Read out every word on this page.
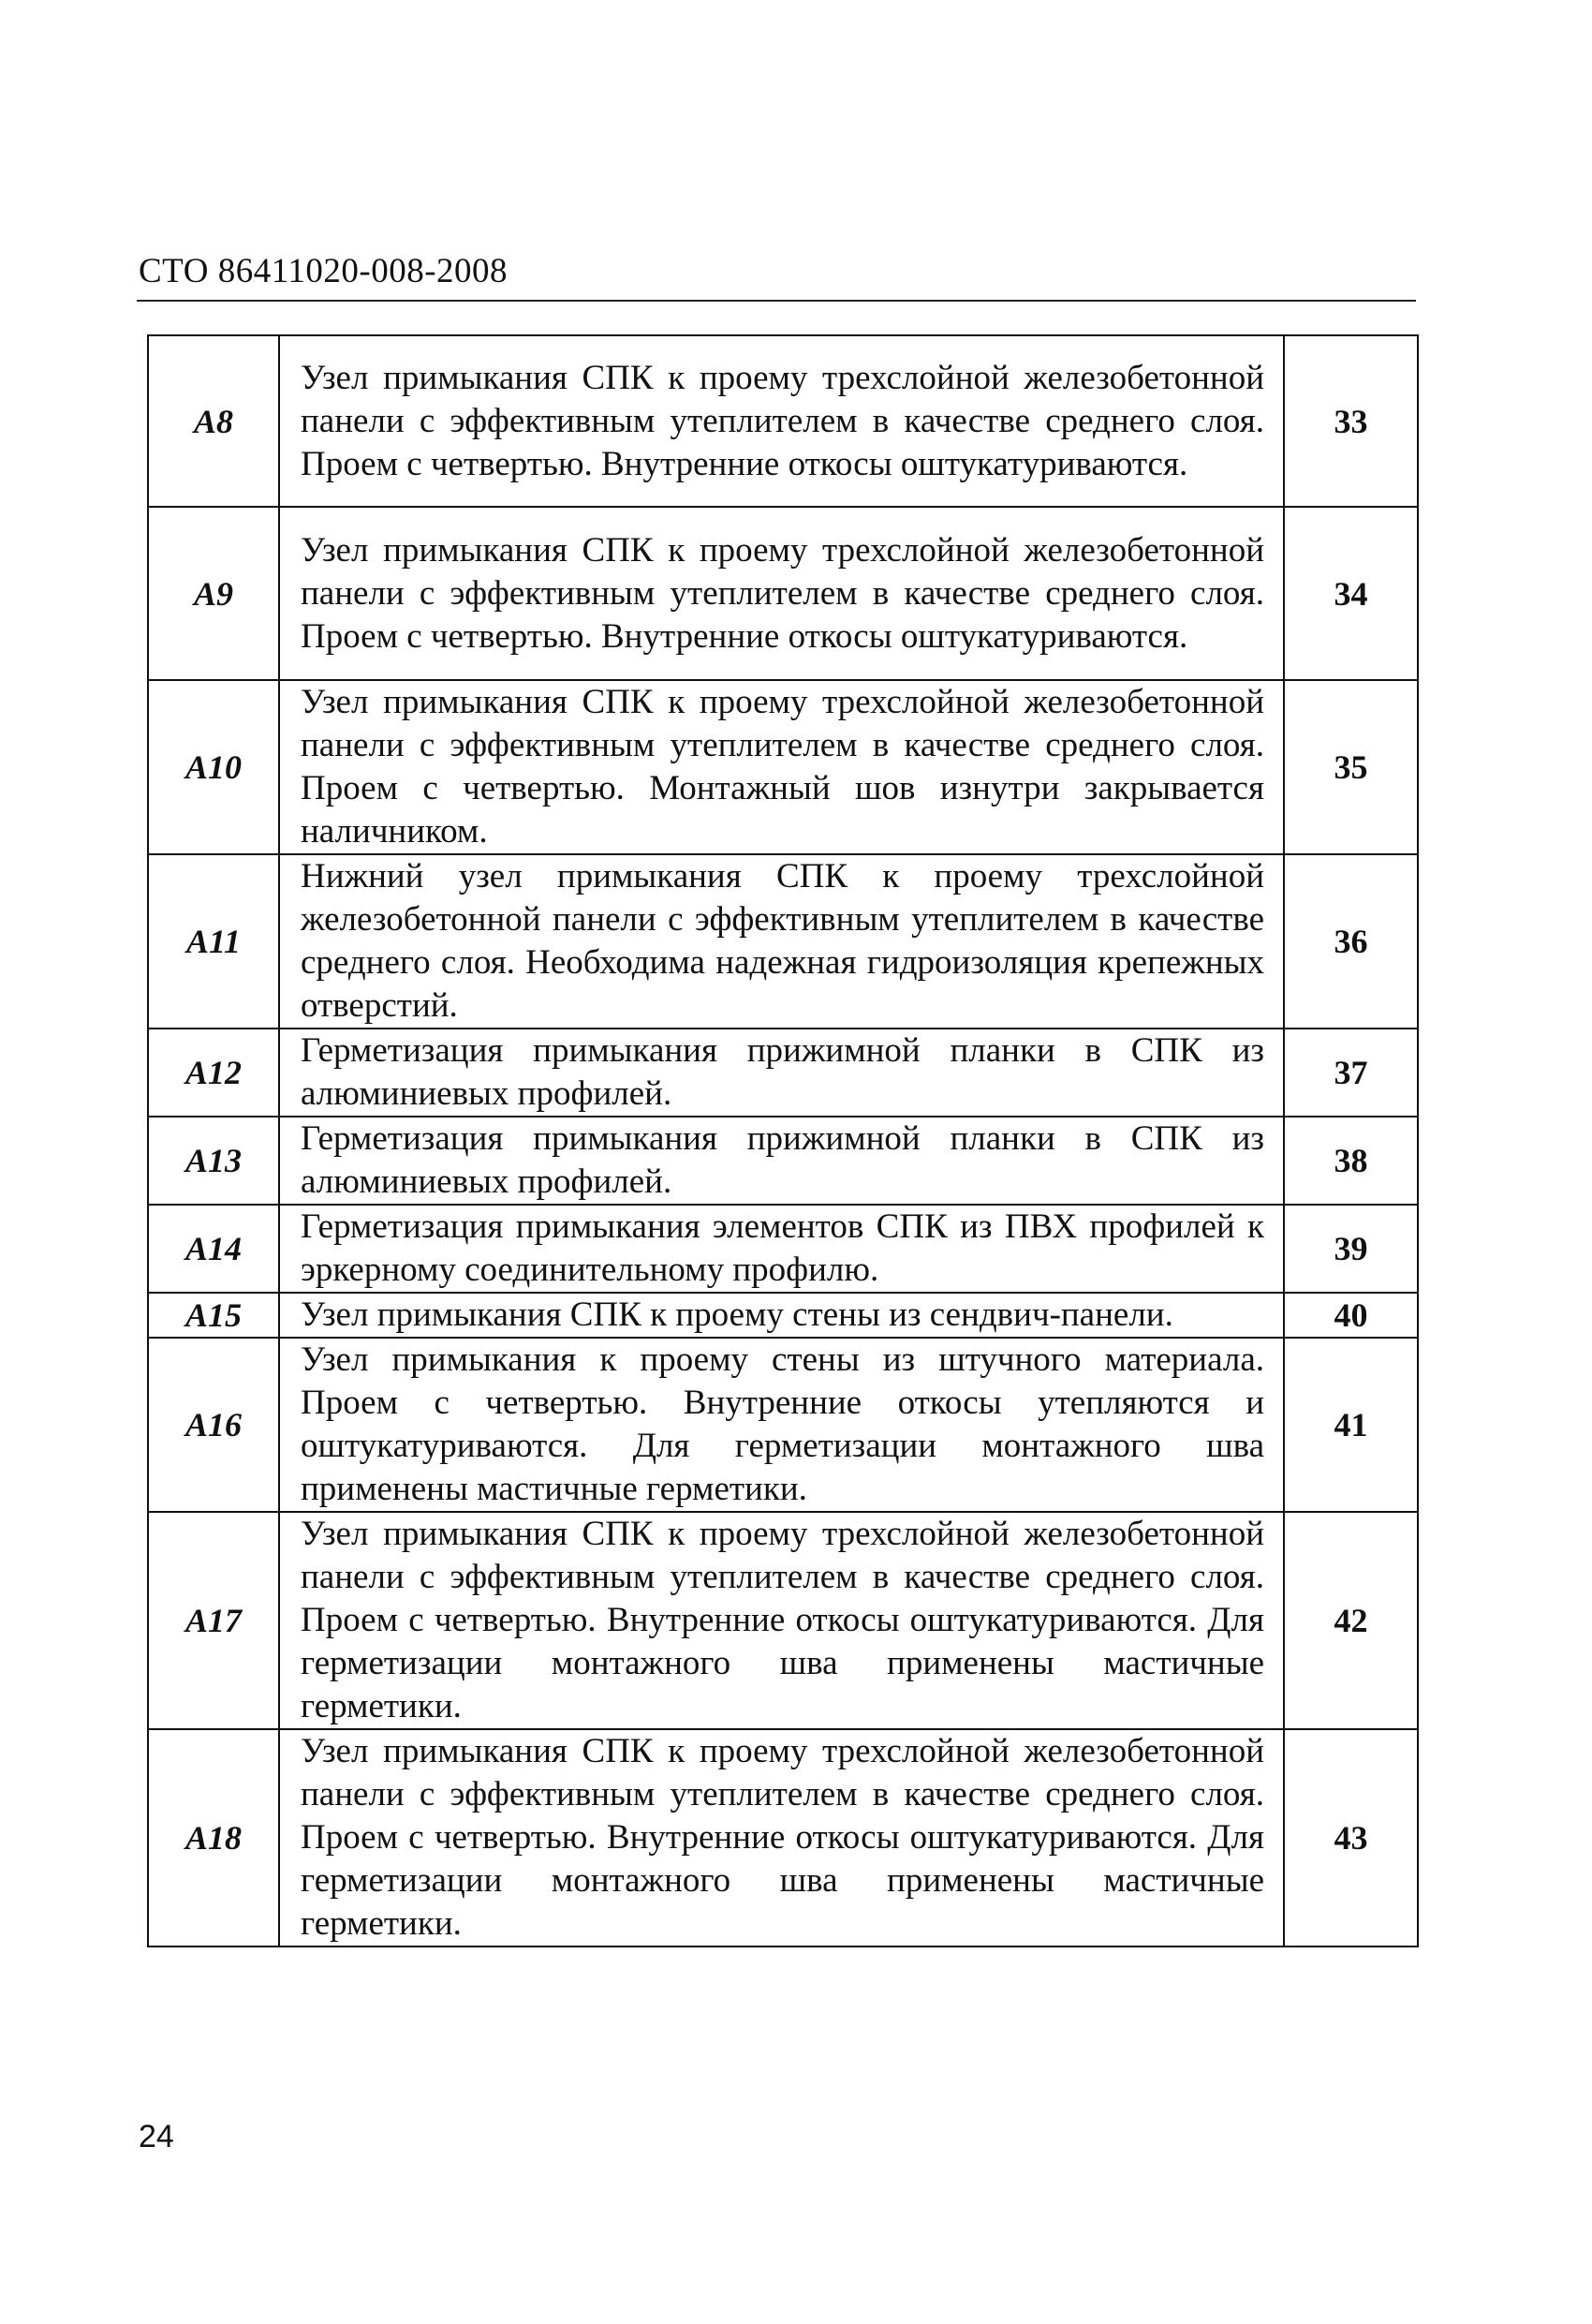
СТО 86411020-008-2008
А8	Узел примыкания СПК к проему трехслойной железобетонной панели с эффективным утеплителем в качестве среднего слоя. Проем с четвертью. Внутренние откосы оштукатуриваются.	33
А9	Узел примыкания СПК к проему трехслойной железобетонной панели с эффективным утеплителем в качестве среднего слоя. Проем с четвертью. Внутренние откосы оштукатуриваются.	34
А10	Узел примыкания СПК к проему трехслойной железобетонной панели с эффективным утеплителем в качестве среднего слоя. Проем с четвертью. Монтажный шов изнутри закрывается наличником.	35
А11	Нижний узел примыкания СПК к проему трехслойной железобетонной панели с эффективным утеплителем в качестве среднего слоя. Необходима надежная гидроизоляция крепежных отверстий.	36
А12	Герметизация примыкания прижимной планки в СПК из алюминиевых профилей.	37
А13	Герметизация примыкания прижимной планки в СПК из алюминиевых профилей.	38
А14	Герметизация примыкания элементов СПК из ПВХ профилей к эркерному соединительному профилю.	39
А15	Узел примыкания СПК к проему стены из сендвич-панели.	40
А16	Узел примыкания к проему стены из штучного материала. Проем с четвертью. Внутренние откосы утепляются и оштукатуриваются. Для герметизации монтажного шва применены мастичные герметики.	41
А17	Узел примыкания СПК к проему трехслойной железобетонной панели с эффективным утеплителем в качестве среднего слоя. Проем с четвертью. Внутренние откосы оштукатуриваются. Для герметизации монтажного шва применены мастичные герметики.	42
А18	Узел примыкания СПК к проему трехслойной железобетонной панели с эффективным утеплителем в качестве среднего слоя. Проем с четвертью. Внутренние откосы оштукатуриваются. Для герметизации монтажного шва применены мастичные герметики.	43
24
